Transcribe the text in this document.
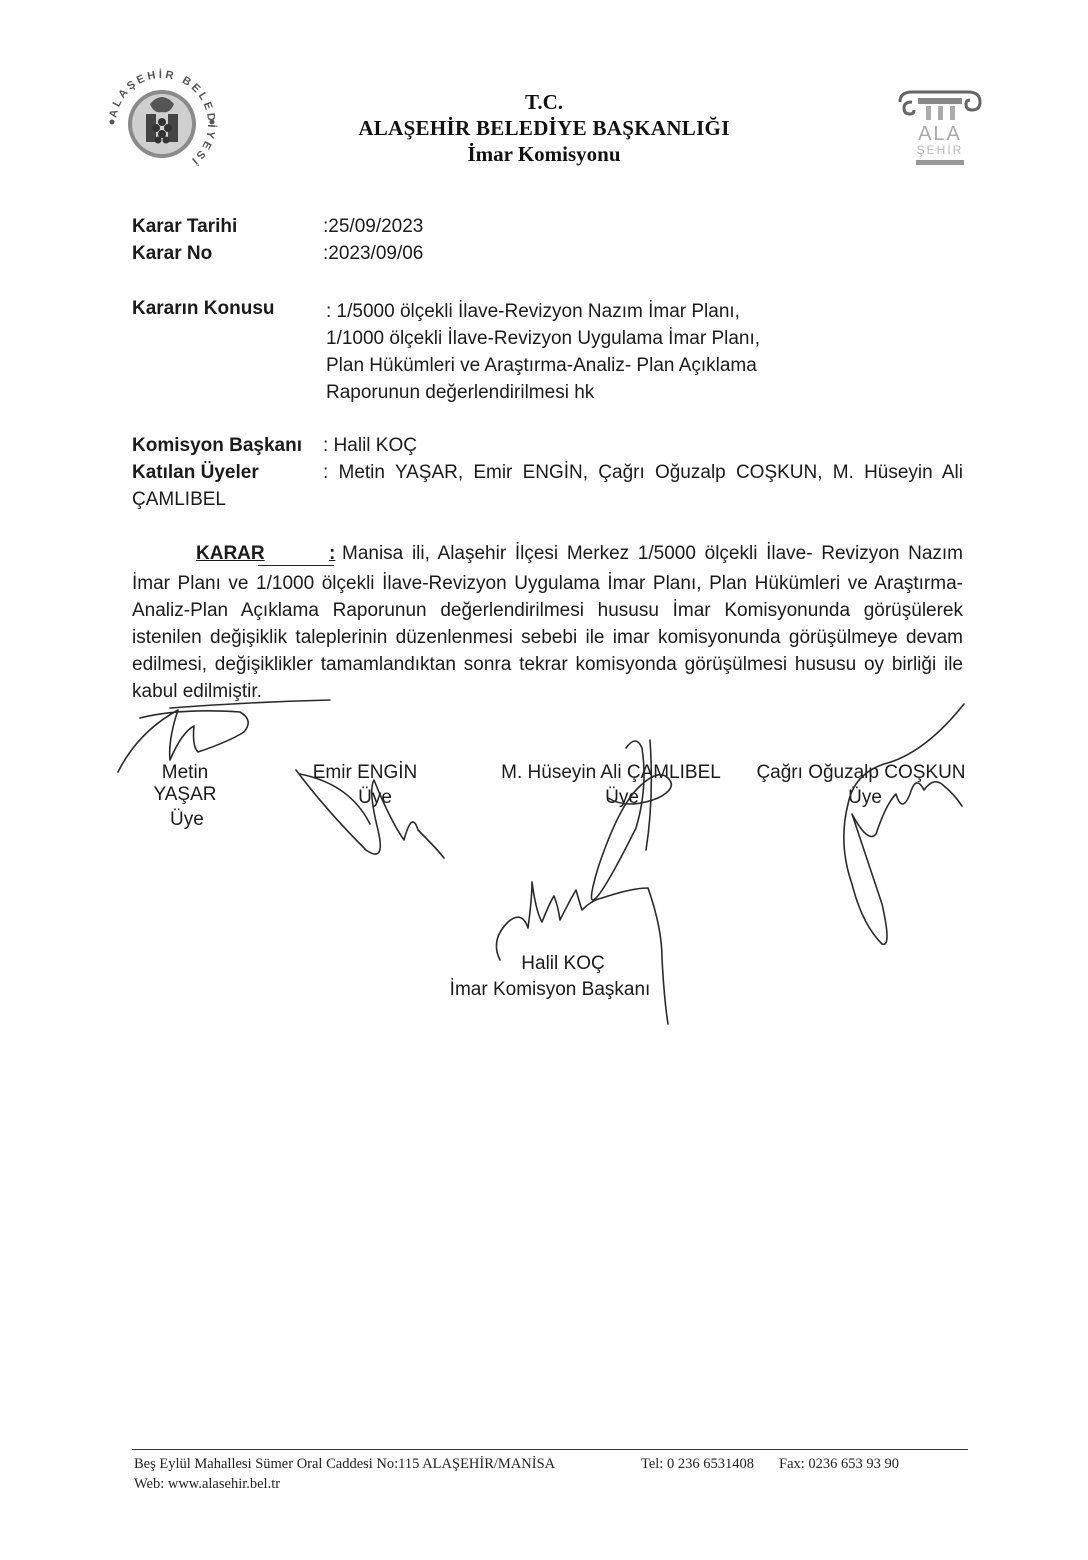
ALAŞEHİR BELEDİYESİ
ALA
ŞEHİR
T.C.
ALAŞEHİR BELEDİYE BAŞKANLIĞI
İmar Komisyonu
Karar Tarihi	:25/09/2023
Karar No	:2023/09/06
Kararın Konusu	: 1/5000 ölçekli İlave-Revizyon Nazım İmar Planı,
1/1000 ölçekli İlave-Revizyon Uygulama İmar Planı,
Plan Hükümleri ve Araştırma-Analiz- Plan Açıklama
Raporunun değerlendirilmesi hk
Komisyon Başkanı : Halil KOÇ
Katılan Üyeler	: Metin YAŞAR, Emir ENGİN, Çağrı Oğuzalp COŞKUN, M. Hüseyin Ali
ÇAMLIBEL
KARAR	: Manisa ili, Alaşehir İlçesi Merkez 1/5000 ölçekli İlave- Revizyon Nazım
İmar Planı ve 1/1000 ölçekli İlave-Revizyon Uygulama İmar Planı, Plan Hükümleri ve Araştırma-Analiz-Plan Açıklama Raporunun değerlendirilmesi hususu İmar Komisyonunda görüşülerek istenilen değişiklik taleplerinin düzenlenmesi sebebi ile imar komisyonunda görüşülmeye devam edilmesi, değişiklikler tamamlandıktan sonra tekrar komisyonda görüşülmesi hususu oy birliği ile kabul edilmiştir.
Metin YAŞAR
Üye
Emir ENGİN
Üye
M. Hüseyin Ali ÇAMLIBEL
Üye
Çağrı Oğuzalp COŞKUN
Üye
Halil KOÇ
İmar Komisyon Başkanı
Beş Eylül Mahallesi Sümer Oral Caddesi No:115 ALAŞEHİR/MANİSA	Tel: 0 236 6531408 Fax: 0236 653 93 90
Web: www.alasehir.bel.tr
